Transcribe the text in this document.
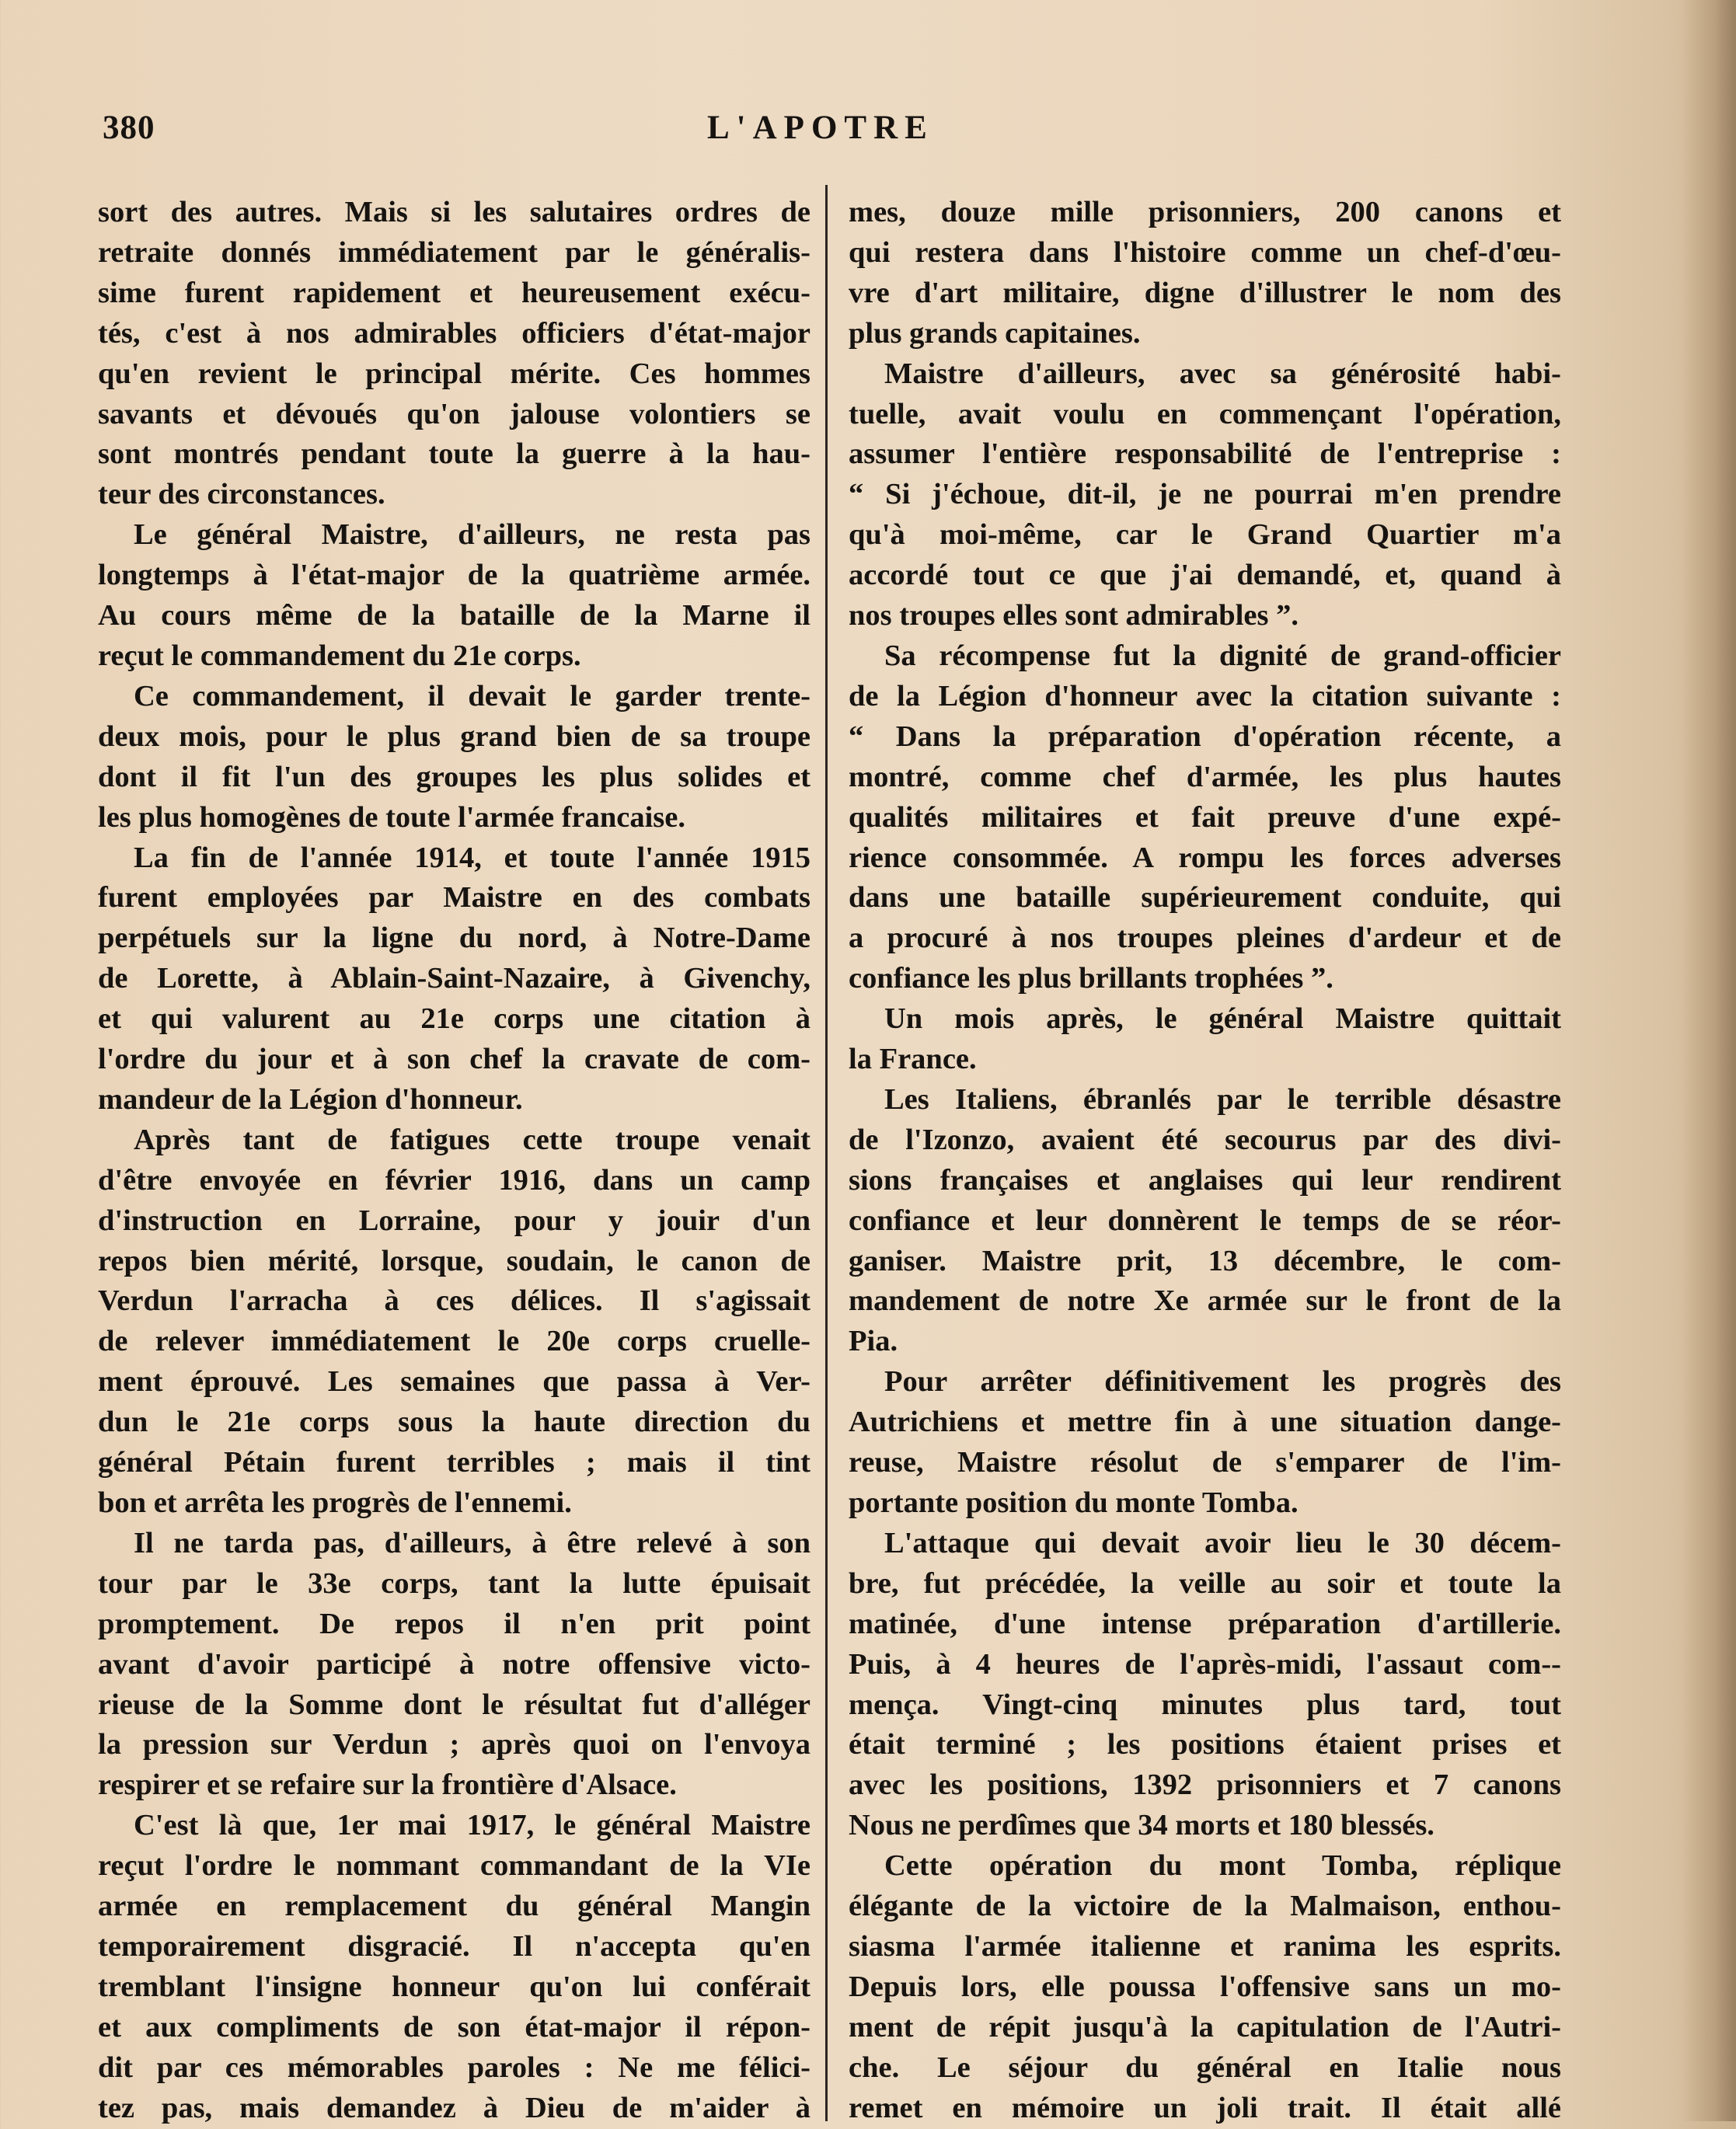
380	L'APOTRE
sort des autres. Mais si les salutaires ordres de
retraite donnés immédiatement par le généralis-
sime furent rapidement et heureusement exécu-
tés, c'est à nos admirables officiers d'état-major
qu'en revient le principal mérite. Ces hommes
savants et dévoués qu'on jalouse volontiers se
sont montrés pendant toute la guerre à la hau-
teur des circonstances.
Le général Maistre, d'ailleurs, ne resta pas
longtemps à l'état-major de la quatrième armée.
Au cours même de la bataille de la Marne il
reçut le commandement du 21e corps.
Ce commandement, il devait le garder trente-
deux mois, pour le plus grand bien de sa troupe
dont il fit l'un des groupes les plus solides et
les plus homogènes de toute l'armée francaise.
La fin de l'année 1914, et toute l'année 1915
furent employées par Maistre en des combats
perpétuels sur la ligne du nord, à Notre-Dame
de Lorette, à Ablain-Saint-Nazaire, à Givenchy,
et qui valurent au 21e corps une citation à
l'ordre du jour et à son chef la cravate de com-
mandeur de la Légion d'honneur.
Après tant de fatigues cette troupe venait
d'être envoyée en février 1916, dans un camp
d'instruction en Lorraine, pour y jouir d'un
repos bien mérité, lorsque, soudain, le canon de
Verdun l'arracha à ces délices. Il s'agissait
de relever immédiatement le 20e corps cruelle-
ment éprouvé. Les semaines que passa à Ver-
dun le 21e corps sous la haute direction du
général Pétain furent terribles ; mais il tint
bon et arrêta les progrès de l'ennemi.
Il ne tarda pas, d'ailleurs, à être relevé à son
tour par le 33e corps, tant la lutte épuisait
promptement. De repos il n'en prit point
avant d'avoir participé à notre offensive victo-
rieuse de la Somme dont le résultat fut d'alléger
la pression sur Verdun ; après quoi on l'envoya
respirer et se refaire sur la frontière d'Alsace.
C'est là que, 1er mai 1917, le général Maistre
reçut l'ordre le nommant commandant de la VIe
armée en remplacement du général Mangin
temporairement disgracié. Il n'accepta qu'en
tremblant l'insigne honneur qu'on lui conférait
et aux compliments de son état-major il répon-
dit par ces mémorables paroles : Ne me félici-
tez pas, mais demandez à Dieu de m'aider à
mes, douze mille prisonniers, 200 canons et
qui restera dans l'histoire comme un chef-d'œu-
vre d'art militaire, digne d'illustrer le nom des
plus grands capitaines.
Maistre d'ailleurs, avec sa générosité habi-
tuelle, avait voulu en commençant l'opération,
assumer l'entière responsabilité de l'entreprise :
“ Si j'échoue, dit-il, je ne pourrai m'en prendre
qu'à moi-même, car le Grand Quartier m'a
accordé tout ce que j'ai demandé, et, quand à
nos troupes elles sont admirables ”.
Sa récompense fut la dignité de grand-officier
de la Légion d'honneur avec la citation suivante :
“ Dans la préparation d'opération récente, a
montré, comme chef d'armée, les plus hautes
qualités militaires et fait preuve d'une expé-
rience consommée. A rompu les forces adverses
dans une bataille supérieurement conduite, qui
a procuré à nos troupes pleines d'ardeur et de
confiance les plus brillants trophées ”.
Un mois après, le général Maistre quittait
la France.
Les Italiens, ébranlés par le terrible désastre
de l'Izonzo, avaient été secourus par des divi-
sions françaises et anglaises qui leur rendirent
confiance et leur donnèrent le temps de se réor-
ganiser. Maistre prit, 13 décembre, le com-
mandement de notre Xe armée sur le front de la
Pia.
Pour arrêter définitivement les progrès des
Autrichiens et mettre fin à une situation dange-
reuse, Maistre résolut de s'emparer de l'im-
portante position du monte Tomba.
L'attaque qui devait avoir lieu le 30 décem-
bre, fut précédée, la veille au soir et toute la
matinée, d'une intense préparation d'artillerie.
Puis, à 4 heures de l'après-midi, l'assaut com--
mença. Vingt-cinq minutes plus tard, tout
était terminé ; les positions étaient prises et
avec les positions, 1392 prisonniers et 7 canons
Nous ne perdîmes que 34 morts et 180 blessés.
Cette opération du mont Tomba, réplique
élégante de la victoire de la Malmaison, enthou-
siasma l'armée italienne et ranima les esprits.
Depuis lors, elle poussa l'offensive sans un mo-
ment de répit jusqu'à la capitulation de l'Autri-
che. Le séjour du général en Italie nous
remet en mémoire un joli trait. Il était allé
